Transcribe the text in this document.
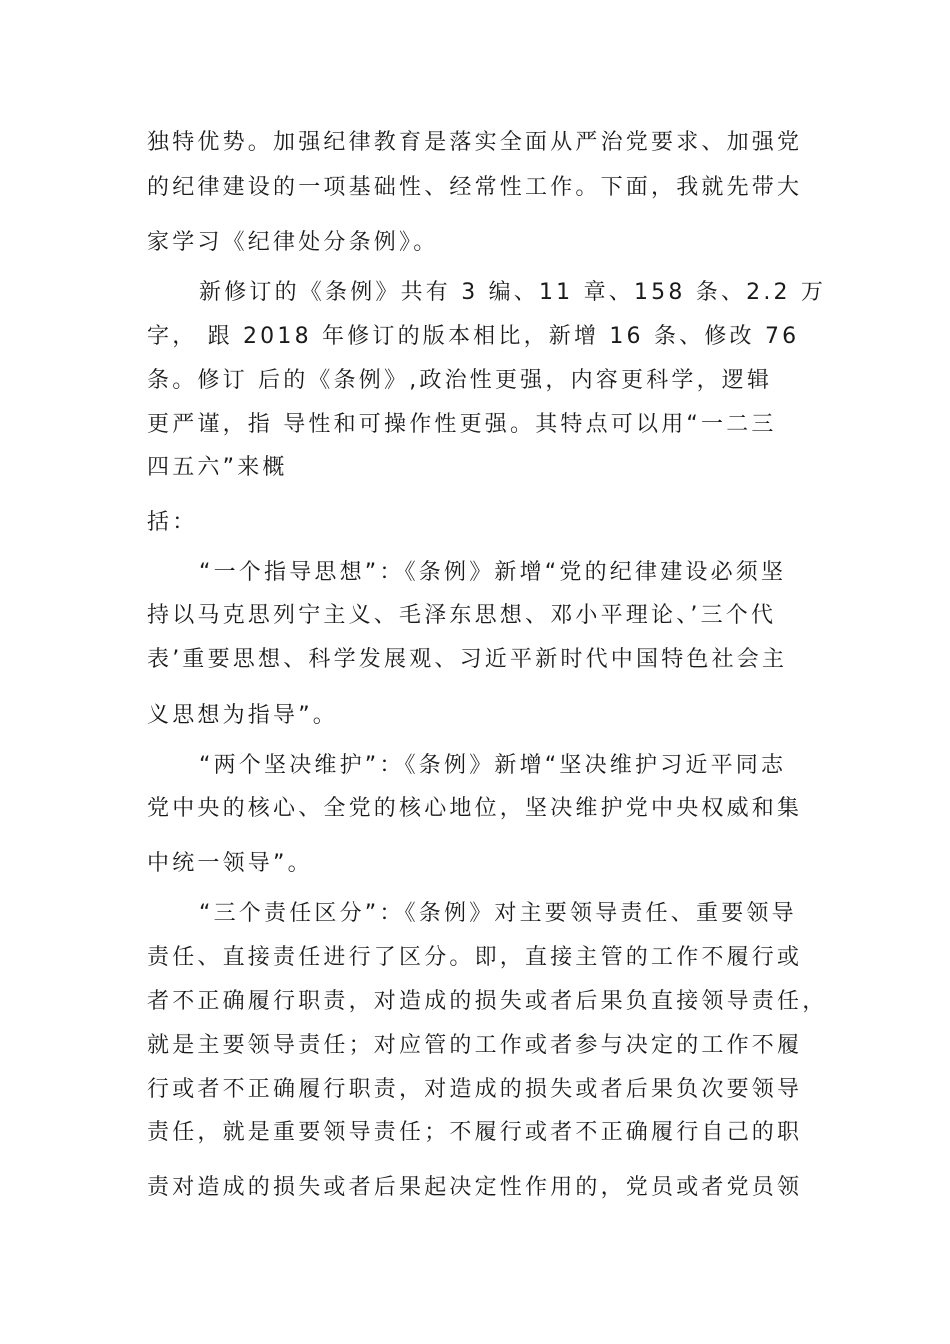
独特优势。加强纪律教育是落实全面从严治党要求、加强党
的纪律建设的一项基础性、经常性工作。下面，我就先带大
家学习《纪律处分条例》。
新修订的《条例》共有 3 编、11 章、158 条、2.2 万
字， 跟 2018 年修订的版本相比，新增 16 条、修改 76
条。修订 后的《条例》,政治性更强，内容更科学，逻辑
更严谨，指 导性和可操作性更强。其特点可以用“一二三
四五六”来概
括：
“一个指导思想”：《条例》新增“党的纪律建设必须坚
持以马克思列宁主义、毛泽东思想、邓小平理论、’三个代
表’重要思想、科学发展观、习近平新时代中国特色社会主
义思想为指导”。
“两个坚决维护”：《条例》新增“坚决维护习近平同志
党中央的核心、全党的核心地位，坚决维护党中央权威和集
中统一领导”。
“三个责任区分”：《条例》对主要领导责任、重要领导
责任、直接责任进行了区分。即，直接主管的工作不履行或
者不正确履行职责，对造成的损失或者后果负直接领导责任，
就是主要领导责任；对应管的工作或者参与决定的工作不履
行或者不正确履行职责，对造成的损失或者后果负次要领导
责任，就是重要领导责任；不履行或者不正确履行自己的职
责对造成的损失或者后果起决定性作用的，党员或者党员领
